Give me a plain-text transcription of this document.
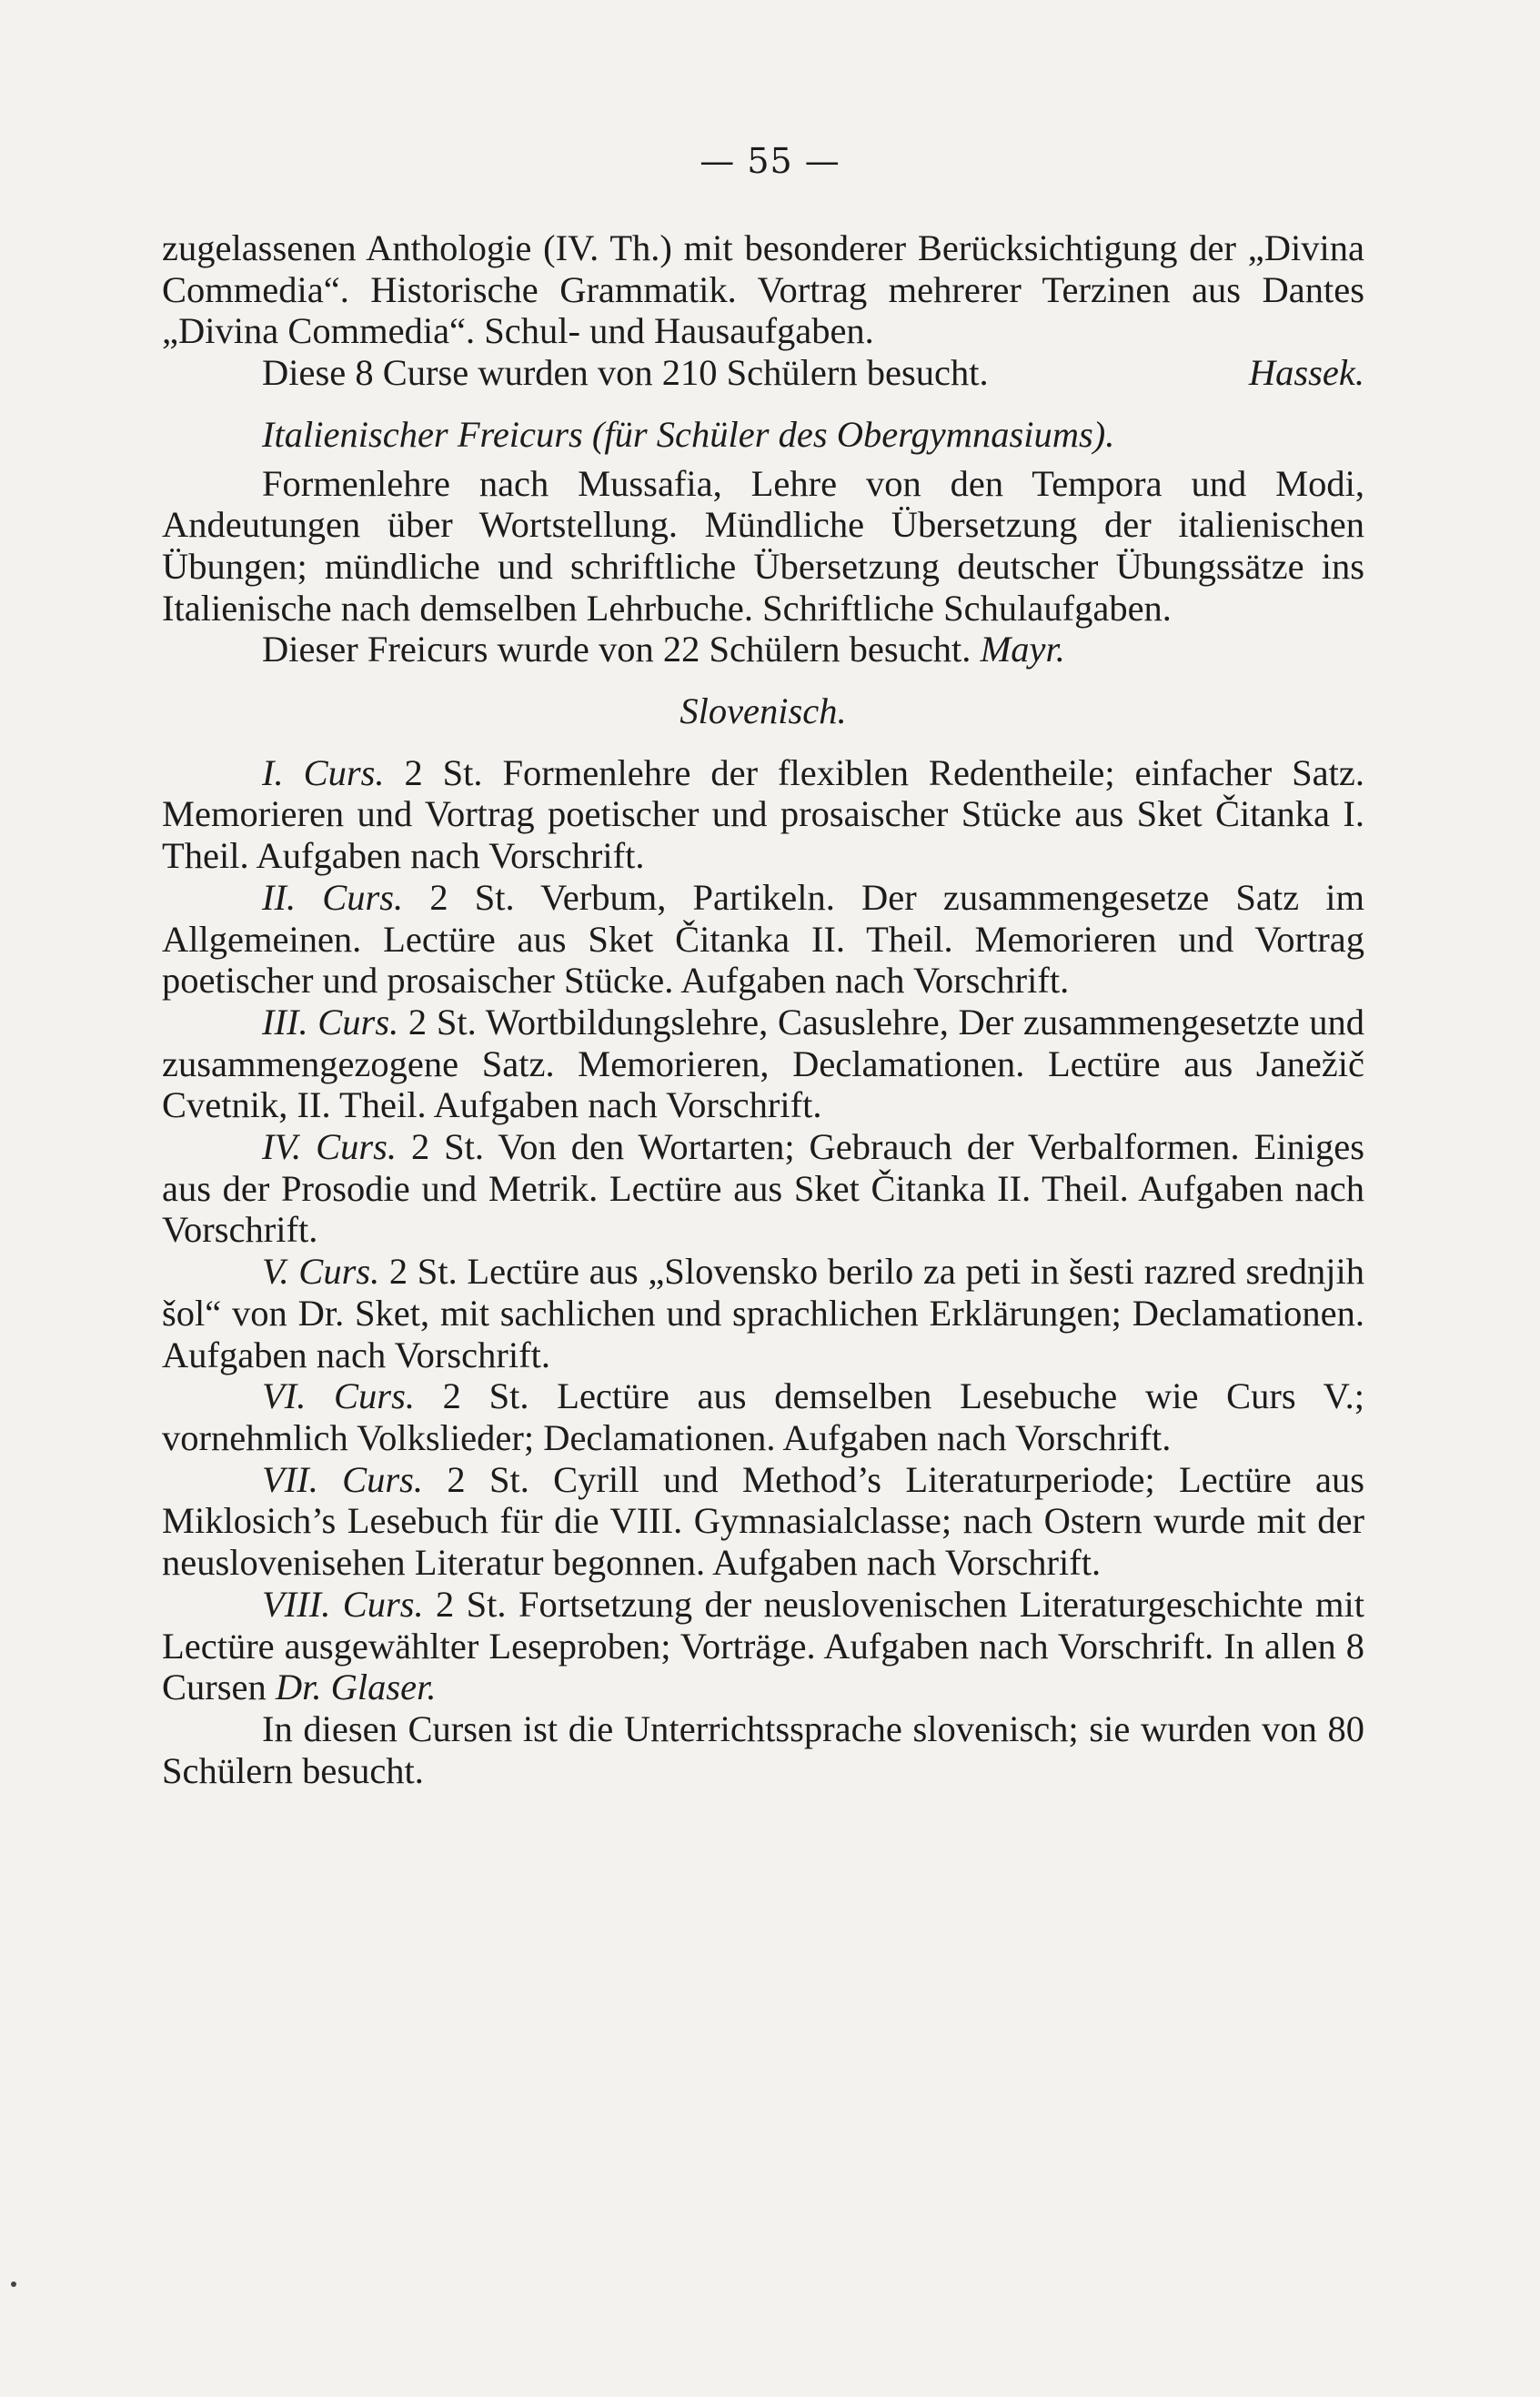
— 55 —

zugelassenen Anthologie (IV. Th.) mit besonderer Berücksichtigung der „Divina Commedia“. Historische Grammatik. Vortrag mehrerer Terzinen aus Dantes „Divina Commedia“. Schul- und Hausaufgaben.

Diese 8 Curse wurden von 210 Schülern besucht.	Hassek.

Italienischer Freicurs (für Schüler des Obergymnasiums).

Formenlehre nach Mussafia, Lehre von den Tempora und Modi, Andeutungen über Wortstellung. Mündliche Übersetzung der italienischen Übungen; mündliche und schriftliche Übersetzung deutscher Übungssätze ins Italienische nach demselben Lehrbuche. Schriftliche Schulaufgaben.

Dieser Freicurs wurde von 22 Schülern besucht. Mayr.

Slovenisch.

I. Curs. 2 St. Formenlehre der flexiblen Redentheile; einfacher Satz. Memorieren und Vortrag poetischer und prosaischer Stücke aus Sket Čitanka I. Theil. Aufgaben nach Vorschrift.

II. Curs. 2 St. Verbum, Partikeln. Der zusammengesetze Satz im Allgemeinen. Lectüre aus Sket Čitanka II. Theil. Memorieren und Vortrag poetischer und prosaischer Stücke. Aufgaben nach Vorschrift.

III. Curs. 2 St. Wortbildungslehre, Casuslehre, Der zusammengesetzte und zusammengezogene Satz. Memorieren, Declamationen. Lectüre aus Janežič Cvetnik, II. Theil. Aufgaben nach Vorschrift.

IV. Curs. 2 St. Von den Wortarten; Gebrauch der Verbalformen. Einiges aus der Prosodie und Metrik. Lectüre aus Sket Čitanka II. Theil. Aufgaben nach Vorschrift.

V. Curs. 2 St. Lectüre aus „Slovensko berilo za peti in šesti razred srednjih šol“ von Dr. Sket, mit sachlichen und sprachlichen Erklärungen; Declamationen. Aufgaben nach Vorschrift.

VI. Curs. 2 St. Lectüre aus demselben Lesebuche wie Curs V.; vornehmlich Volkslieder; Declamationen. Aufgaben nach Vorschrift.

VII. Curs. 2 St. Cyrill und Method’s Literaturperiode; Lectüre aus Miklosich’s Lesebuch für die VIII. Gymnasialclasse; nach Ostern wurde mit der neuslovenisehen Literatur begonnen. Aufgaben nach Vorschrift.

VIII. Curs. 2 St. Fortsetzung der neuslovenischen Literaturgeschichte mit Lectüre ausgewählter Leseproben; Vorträge. Aufgaben nach Vorschrift. In allen 8 Cursen Dr. Glaser.

In diesen Cursen ist die Unterrichtssprache slovenisch; sie wurden von 80 Schülern besucht.
